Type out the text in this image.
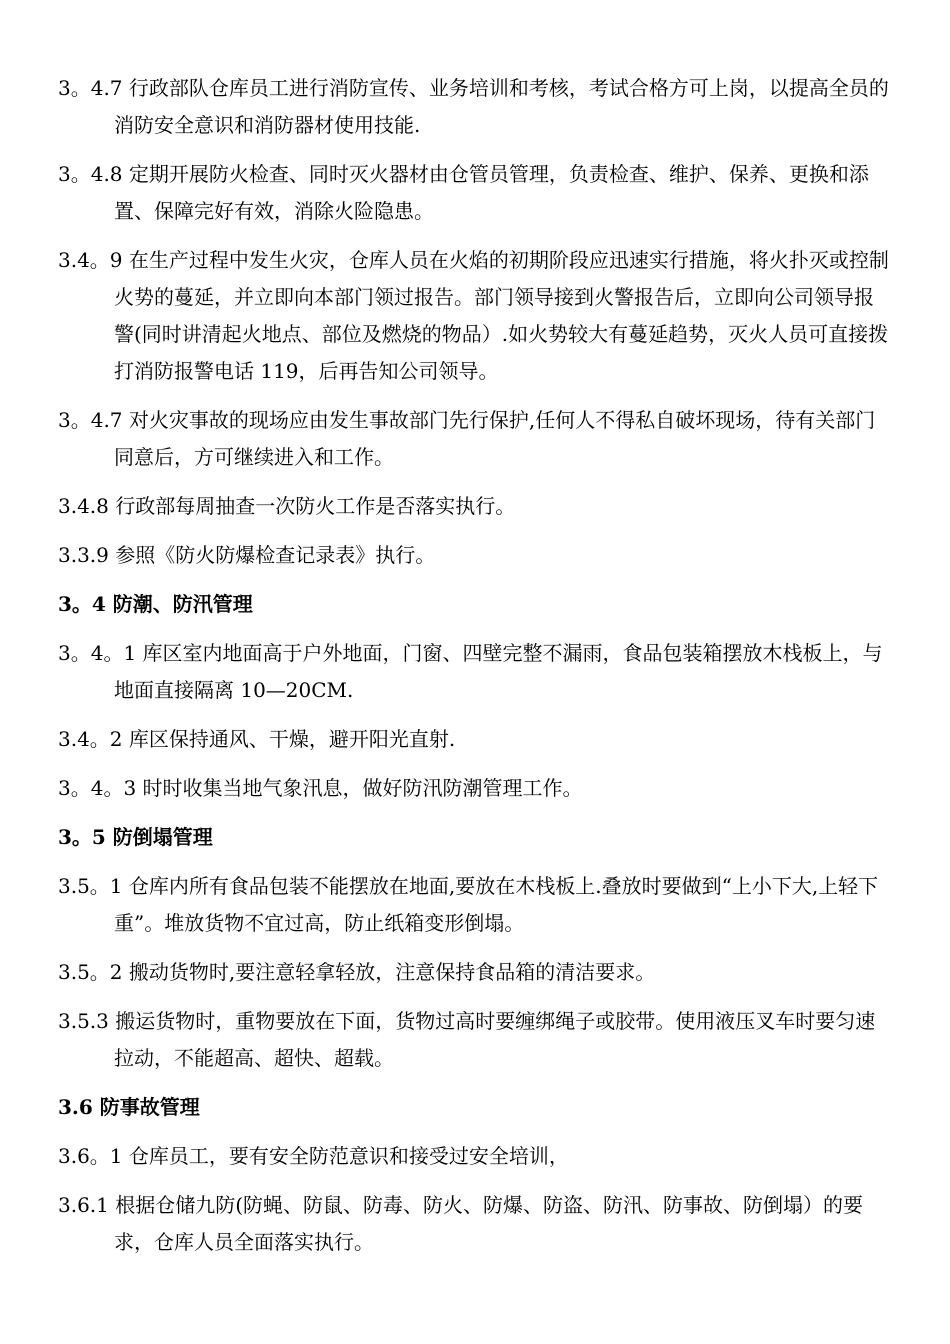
3。4.7 行政部队仓库员工进行消防宣传、业务培训和考核，考试合格方可上岗，以提高全员的消防安全意识和消防器材使用技能.

3。4.8 定期开展防火检查、同时灭火器材由仓管员管理，负责检查、维护、保养、更换和添置、保障完好有效，消除火险隐患。

3.4。9 在生产过程中发生火灾，仓库人员在火焰的初期阶段应迅速实行措施，将火扑灭或控制火势的蔓延，并立即向本部门领过报告。部门领导接到火警报告后，立即向公司领导报警(同时讲清起火地点、部位及燃烧的物品）.如火势较大有蔓延趋势，灭火人员可直接拨打消防报警电话 119，后再告知公司领导。

3。4.7 对火灾事故的现场应由发生事故部门先行保护,任何人不得私自破坏现场，待有关部门同意后，方可继续进入和工作。

3.4.8 行政部每周抽查一次防火工作是否落实执行。

3.3.9 参照《防火防爆检查记录表》执行。

3。4 防潮、防汛管理

3。4。1 库区室内地面高于户外地面，门窗、四壁完整不漏雨，食品包装箱摆放木栈板上，与地面直接隔离 10—20CM.

3.4。2 库区保持通风、干燥，避开阳光直射.

3。4。3 时时收集当地气象汛息，做好防汛防潮管理工作。

3。5 防倒塌管理

3.5。1 仓库内所有食品包装不能摆放在地面,要放在木栈板上.叠放时要做到“上小下大,上轻下重”。堆放货物不宜过高，防止纸箱变形倒塌。

3.5。2 搬动货物时,要注意轻拿轻放，注意保持食品箱的清洁要求。

3.5.3 搬运货物时，重物要放在下面，货物过高时要缠绑绳子或胶带。使用液压叉车时要匀速拉动，不能超高、超快、超载。

3.6 防事故管理

3.6。1 仓库员工，要有安全防范意识和接受过安全培训，

3.6.1 根据仓储九防(防蝇、防鼠、防毒、防火、防爆、防盗、防汛、防事故、防倒塌）的要求，仓库人员全面落实执行。
